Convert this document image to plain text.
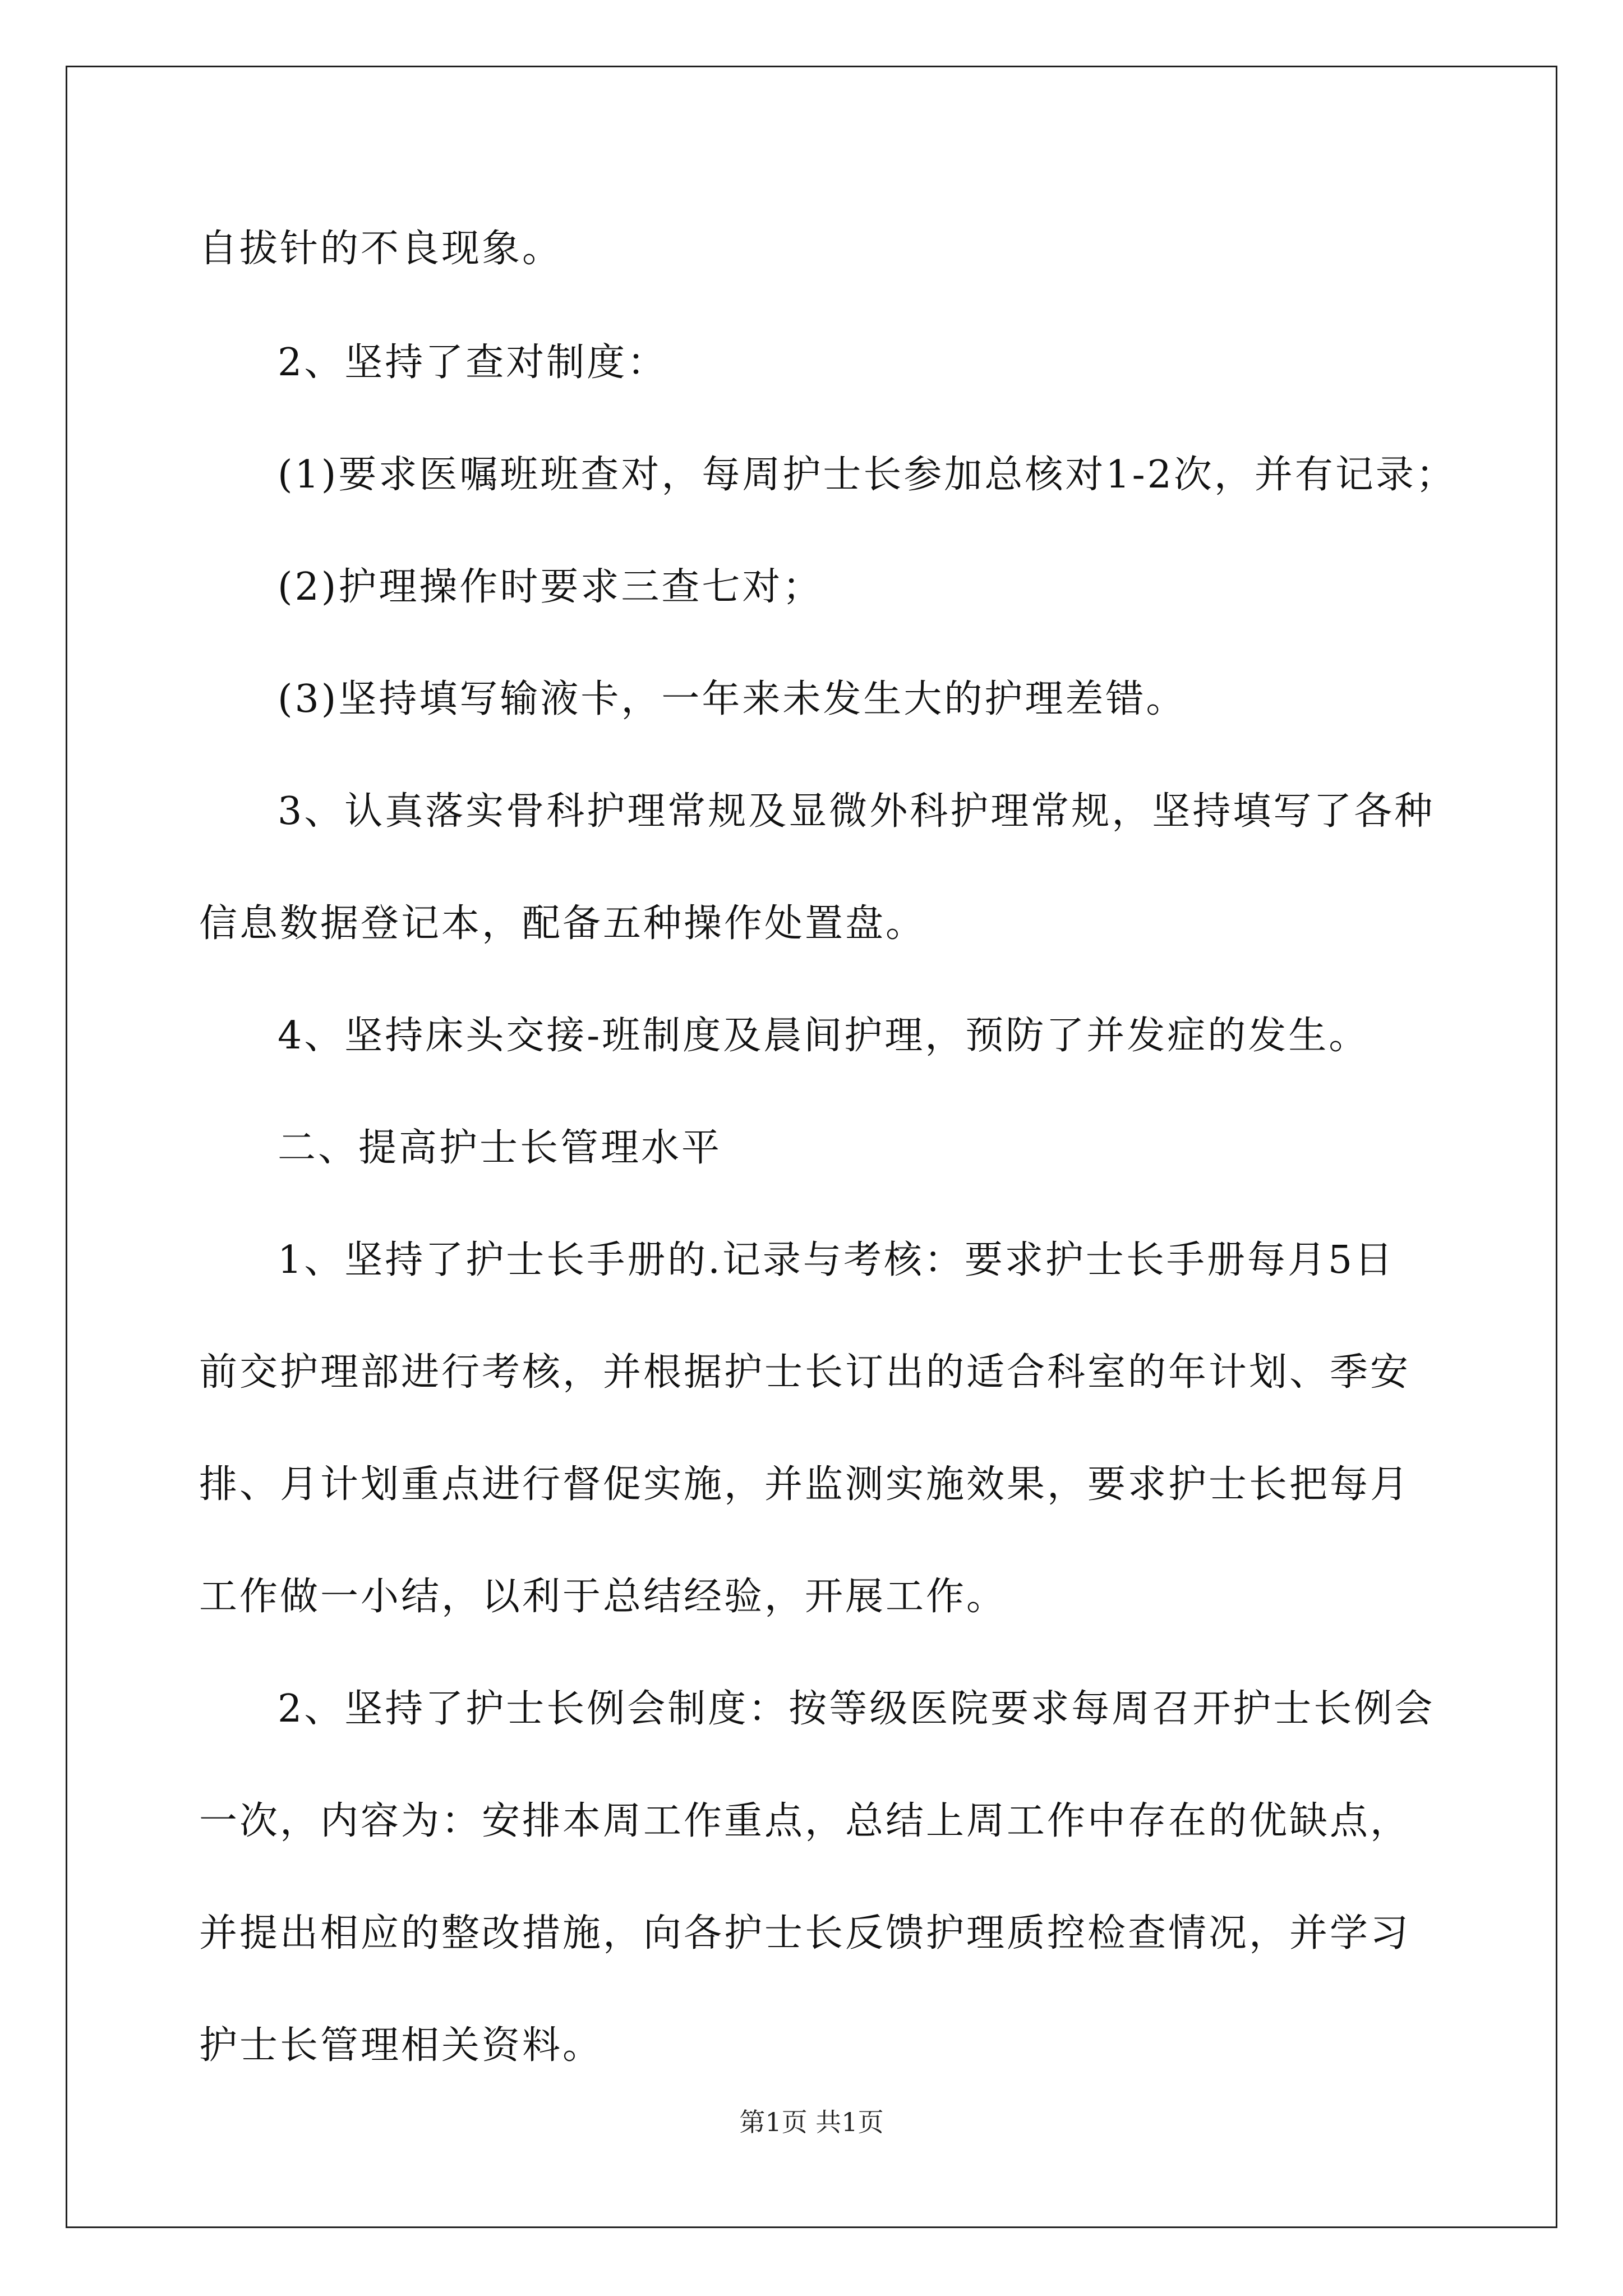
自拔针的不良现象。

2、坚持了查对制度：

(1)要求医嘱班班查对，每周护士长参加总核对1-2次，并有记录；

(2)护理操作时要求三查七对；

(3)坚持填写输液卡，一年来未发生大的护理差错。

3、认真落实骨科护理常规及显微外科护理常规，坚持填写了各种

信息数据登记本，配备五种操作处置盘。

4、坚持床头交接-班制度及晨间护理，预防了并发症的发生。

二、提高护士长管理水平

1、坚持了护士长手册的.记录与考核：要求护士长手册每月5日

前交护理部进行考核，并根据护士长订出的适合科室的年计划、季安

排、月计划重点进行督促实施，并监测实施效果，要求护士长把每月

工作做一小结，以利于总结经验，开展工作。

2、坚持了护士长例会制度：按等级医院要求每周召开护士长例会

一次，内容为：安排本周工作重点，总结上周工作中存在的优缺点，

并提出相应的整改措施，向各护士长反馈护理质控检查情况，并学习

护士长管理相关资料。

第1页 共1页
